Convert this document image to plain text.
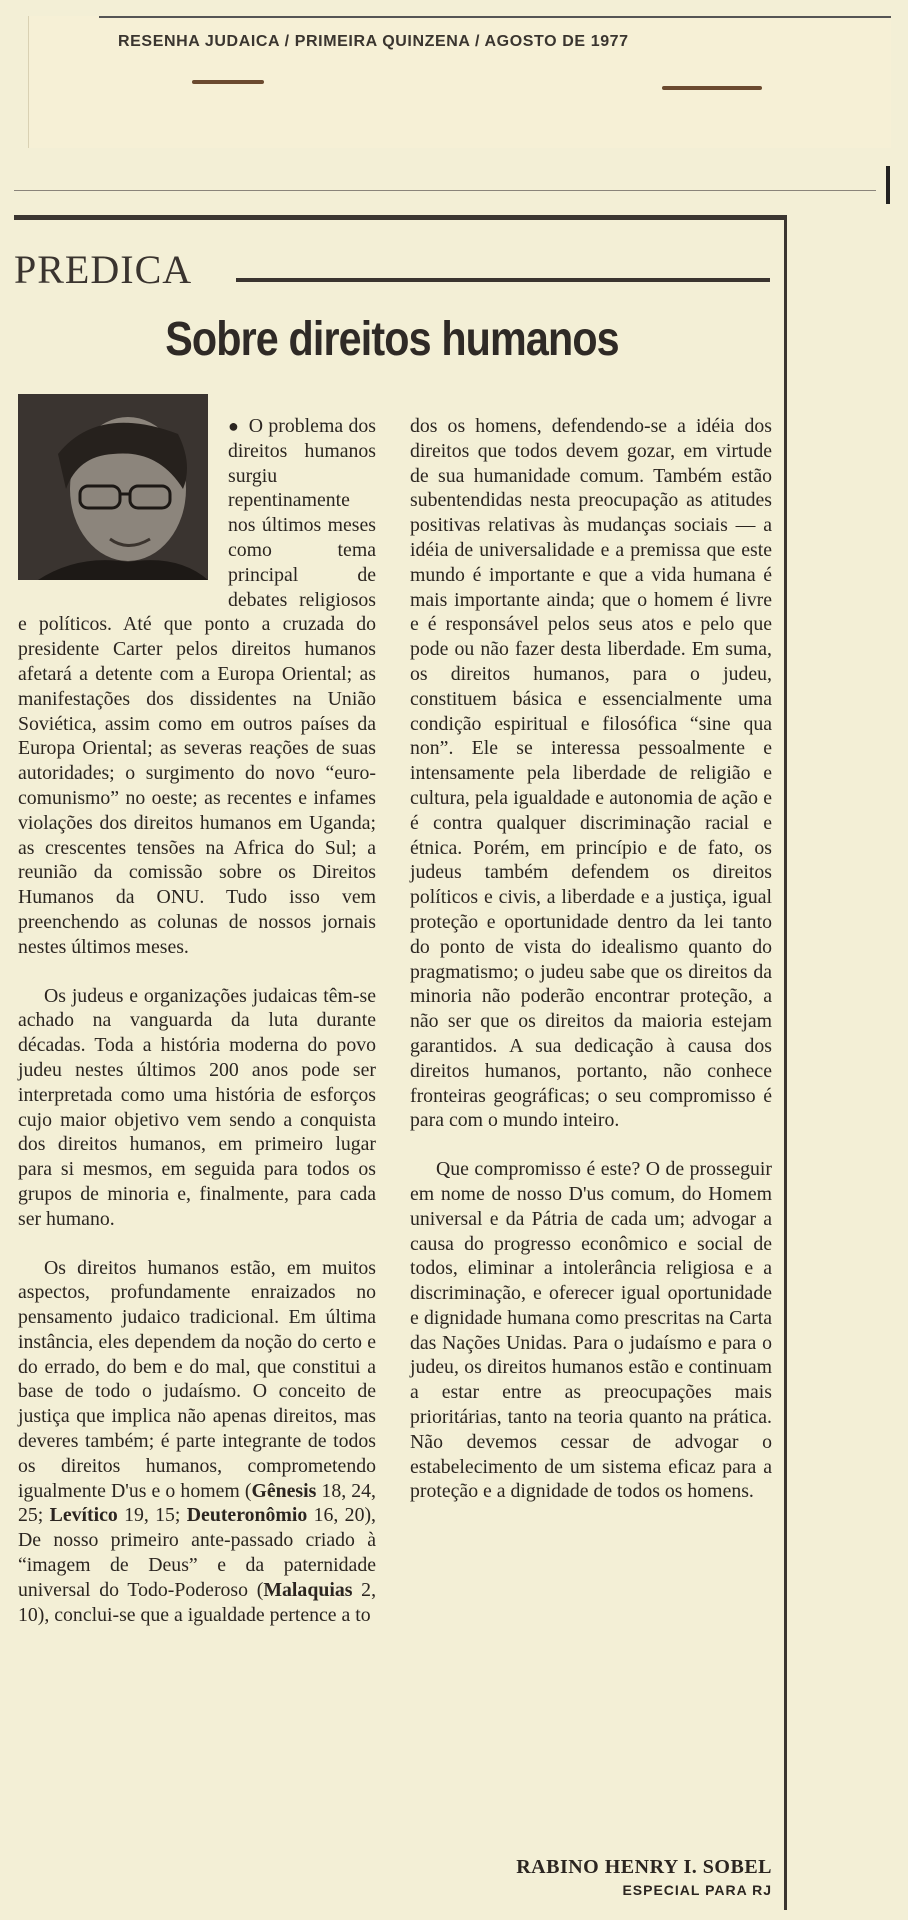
RESENHA JUDAICA / PRIMEIRA QUINZENA / AGOSTO DE 1977
PREDICA
Sobre direitos humanos

● O problema dos direitos humanos surgiu repentinamente nos últimos meses como tema principal de debates religiosos e políticos. Até que ponto a cruzada do presidente Carter pelos direitos humanos afetará a detente com a Europa Oriental; as manifestações dos dissidentes na União Soviética, assim como em outros países da Europa Oriental; as severas reações de suas autoridades; o surgimento do novo “euro-comunismo” no oeste; as recentes e infames violações dos direitos humanos em Uganda; as crescentes tensões na Africa do Sul; a reunião da comissão sobre os Direitos Humanos da ONU. Tudo isso vem preenchendo as colunas de nossos jornais nestes últimos meses.

Os judeus e organizações judaicas têm-se achado na vanguarda da luta durante décadas. Toda a história moderna do povo judeu nestes últimos 200 anos pode ser interpretada como uma história de esforços cujo maior objetivo vem sendo a conquista dos direitos humanos, em primeiro lugar para si mesmos, em seguida para todos os grupos de minoria e, finalmente, para cada ser humano.

Os direitos humanos estão, em muitos aspectos, profundamente enraizados no pensamento judaico tradicional. Em última instância, eles dependem da noção do certo e do errado, do bem e do mal, que constitui a base de todo o judaísmo. O conceito de justiça que implica não apenas direitos, mas deveres também; é parte integrante de todos os direitos humanos, comprometendo igualmente D'us e o homem (Gênesis 18, 24, 25; Levítico 19, 15; Deuteronômio 16, 20), De nosso primeiro ante-passado criado à “imagem de Deus” e da paternidade universal do Todo-Poderoso (Malaquias 2, 10), conclui-se que a igualdade pertence a to

dos os homens, defendendo-se a idéia dos direitos que todos devem gozar, em virtude de sua humanidade comum. Também estão subentendidas nesta preocupação as atitudes positivas relativas às mudanças sociais — a idéia de universalidade e a premissa que este mundo é importante e que a vida humana é mais importante ainda; que o homem é livre e é responsável pelos seus atos e pelo que pode ou não fazer desta liberdade. Em suma, os direitos humanos, para o judeu, constituem básica e essencialmente uma condição espiritual e filosófica “sine qua non”. Ele se interessa pessoalmente e intensamente pela liberdade de religião e cultura, pela igualdade e autonomia de ação e é contra qualquer discriminação racial e étnica. Porém, em princípio e de fato, os judeus também defendem os direitos políticos e civis, a liberdade e a justiça, igual proteção e oportunidade dentro da lei tanto do ponto de vista do idealismo quanto do pragmatismo; o judeu sabe que os direitos da minoria não poderão encontrar proteção, a não ser que os direitos da maioria estejam garantidos. A sua dedicação à causa dos direitos humanos, portanto, não conhece fronteiras geográficas; o seu compromisso é para com o mundo inteiro.

Que compromisso é este? O de prosseguir em nome de nosso D'us comum, do Homem universal e da Pátria de cada um; advogar a causa do progresso econômico e social de todos, eliminar a intolerância religiosa e a discriminação, e oferecer igual oportunidade e dignidade humana como prescritas na Carta das Nações Unidas. Para o judaísmo e para o judeu, os direitos humanos estão e continuam a estar entre as preocupações mais prioritárias, tanto na teoria quanto na prática. Não devemos cessar de advogar o estabelecimento de um sistema eficaz para a proteção e a dignidade de todos os homens.

RABINO HENRY I. SOBEL
ESPECIAL PARA RJ
